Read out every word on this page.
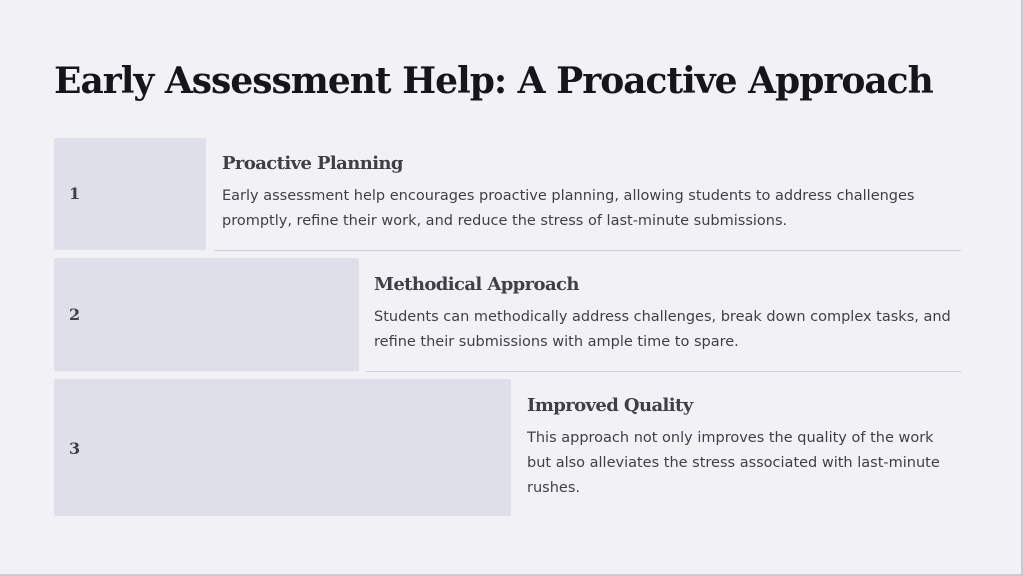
Early Assessment Help: A Proactive Approach
1
Proactive Planning

Early assessment help encourages proactive planning, allowing students to address challenges promptly, refine their work, and reduce the stress of last-minute submissions.

2
Methodical Approach

Students can methodically address challenges, break down complex tasks, and refine their submissions with ample time to spare.

3
Improved Quality

This approach not only improves the quality of the work but also alleviates the stress associated with last-minute rushes.
